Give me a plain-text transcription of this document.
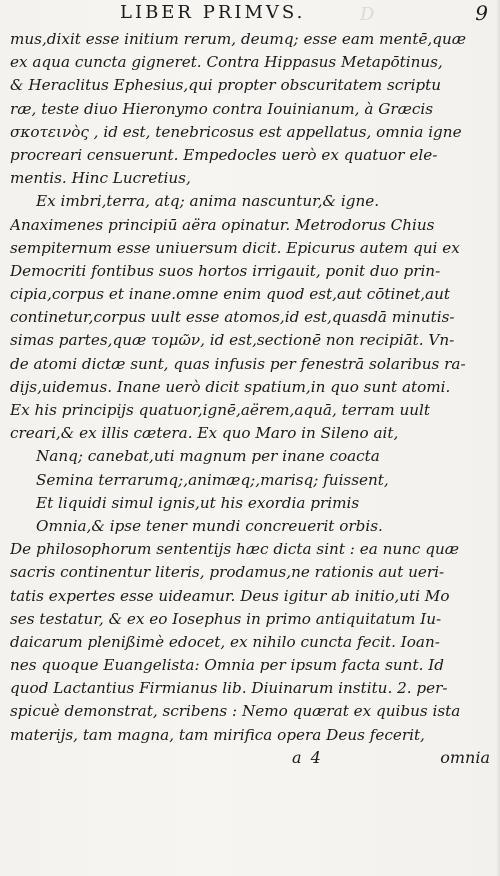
D

LIBER PRIMVS.	9
mus,dixit esse initium rerum, deumq; esse eam mentē,quæ
ex aqua cuncta gigneret. Contra Hippasus Metapōtinus,
& Heraclitus Ephesius,qui propter obscuritatem scriptu
ræ, teste diuo Hieronymo contra Iouinianum, à Græcis
σκοτεινὸς , id est, tenebricosus est appellatus, omnia igne
procreari censuerunt. Empedocles uerò ex quatuor ele-
mentis. Hinc Lucretius,
Ex imbri,terra, atq; anima nascuntur,& igne.
Anaximenes principiū aëra opinatur. Metrodorus Chius
sempiternum esse uniuersum dicit. Epicurus autem qui ex
Democriti fontibus suos hortos irrigauit, ponit duo prin-
cipia,corpus et inane.omne enim quod est,aut cōtinet,aut
continetur,corpus uult esse atomos,id est,quasdā minutis-
simas partes,quæ τομῶν, id est,sectionē non recipiāt. Vn-
de atomi dictæ sunt, quas infusis per fenestrā solaribus ra-
dijs,uidemus. Inane uerò dicit spatium,in quo sunt atomi.
Ex his principijs quatuor,ignē,aërem,aquā, terram uult
creari,& ex illis cætera. Ex quo Maro in Sileno ait,
Nanq; canebat,uti magnum per inane coacta
Semina terrarumq;,animæq;,marisq; fuissent,
Et liquidi simul ignis,ut his exordia primis
Omnia,& ipse tener mundi concreuerit orbis.
De philosophorum sententijs hæc dicta sint : ea nunc quæ
sacris continentur literis, prodamus,ne rationis aut ueri-
tatis expertes esse uideamur. Deus igitur ab initio,uti Mo
ses testatur, & ex eo Iosephus in primo antiquitatum Iu-
daicarum plenißimè edocet, ex nihilo cuncta fecit. Ioan-
nes quoque Euangelista: Omnia per ipsum facta sunt. Id
quod Lactantius Firmianus lib. Diuinarum institu. 2. per-
spicuè demonstrat, scribens : Nemo quærat ex quibus ista
materijs, tam magna, tam mirifica opera Deus fecerit,
a 4	omnia
